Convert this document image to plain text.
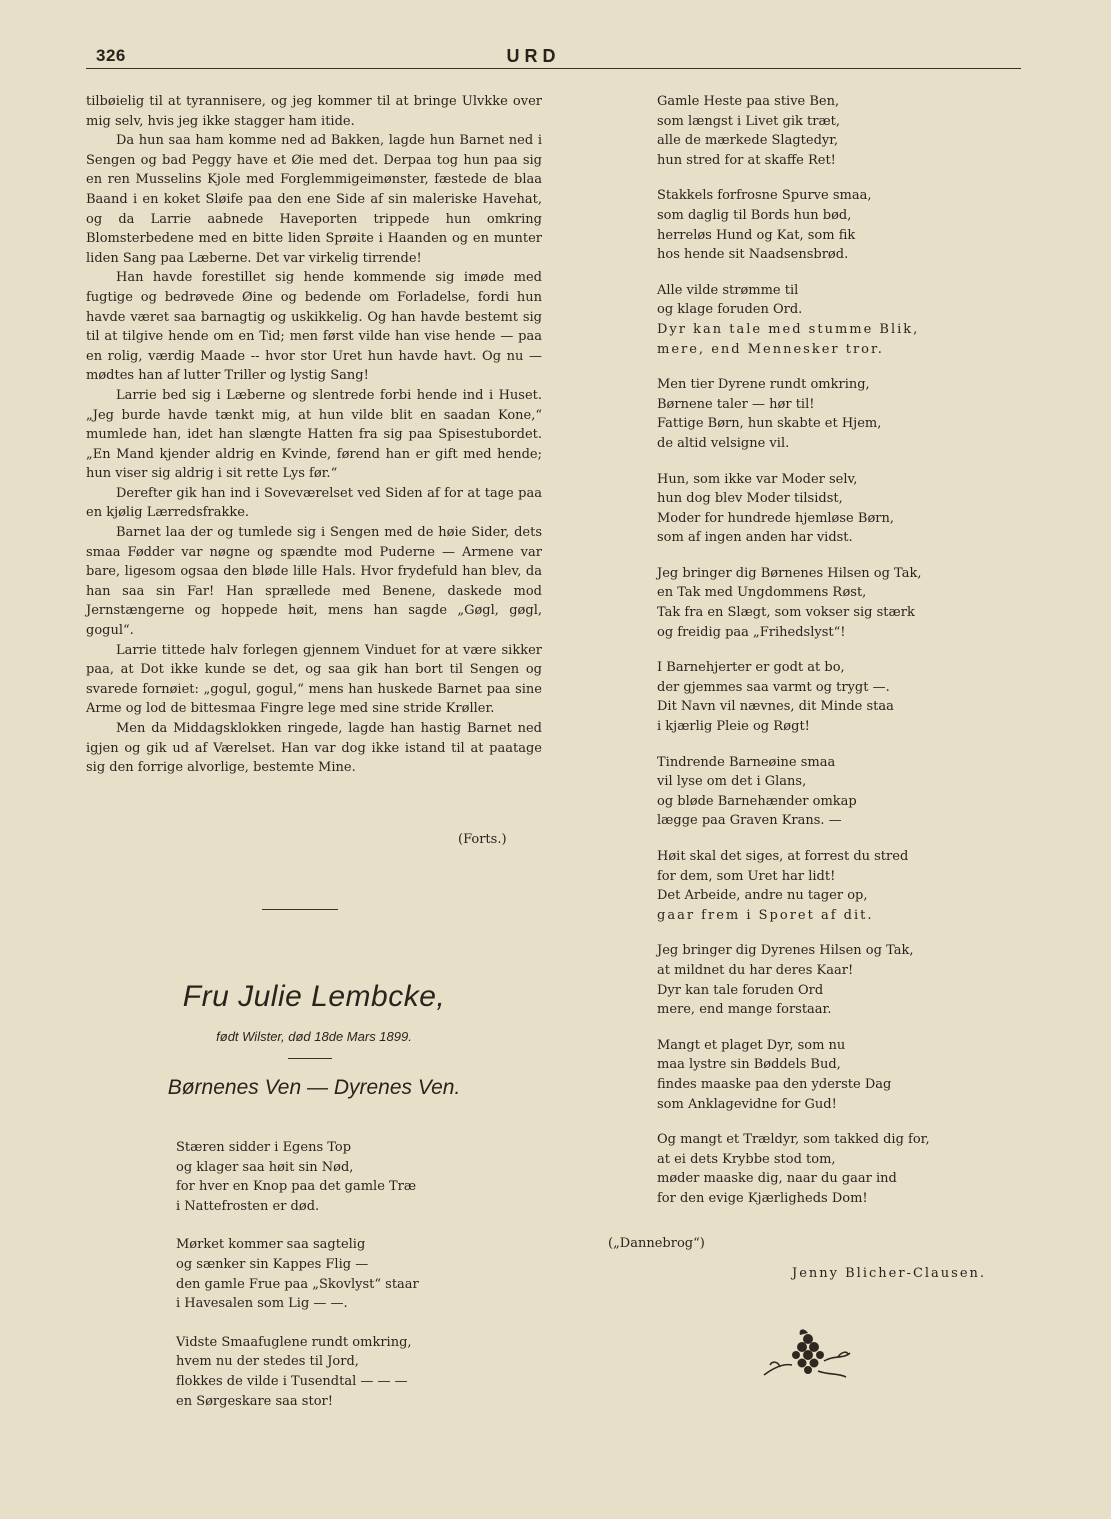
326	URD

tilbøielig til at tyrannisere, og jeg kommer til at bringe Ulvkke over mig selv, hvis jeg ikke stagger ham itide.

Da hun saa ham komme ned ad Bakken, lagde hun Barnet ned i Sengen og bad Peggy have et Øie med det. Derpaa tog hun paa sig en ren Musselins Kjole med Forglemmigeimønster, fæstede de blaa Baand i en koket Sløife paa den ene Side af sin maleriske Havehat, og da Larrie aabnede Haveporten trippede hun omkring Blomsterbedene med en bitte liden Sprøite i Haanden og en munter liden Sang paa Læberne. Det var virkelig tirrende!

Han havde forestillet sig hende kommende sig imøde med fugtige og bedrøvede Øine og bedende om Forladelse, fordi hun havde været saa barnagtig og uskikkelig. Og han havde bestemt sig til at tilgive hende om en Tid; men først vilde han vise hende — paa en rolig, værdig Maade -- hvor stor Uret hun havde havt. Og nu — mødtes han af lutter Triller og lystig Sang!

Larrie bed sig i Læberne og slentrede forbi hende ind i Huset. „Jeg burde havde tænkt mig, at hun vilde blit en saadan Kone,“ mumlede han, idet han slængte Hatten fra sig paa Spisestubordet. „En Mand kjender aldrig en Kvinde, førend han er gift med hende; hun viser sig aldrig i sit rette Lys før.“

Derefter gik han ind i Soveværelset ved Siden af for at tage paa en kjølig Lærredsfrakke.

Barnet laa der og tumlede sig i Sengen med de høie Sider, dets smaa Fødder var nøgne og spændte mod Puderne — Armene var bare, ligesom ogsaa den bløde lille Hals. Hvor frydefuld han blev, da han saa sin Far! Han sprællede med Benene, daskede mod Jernstængerne og hoppede høit, mens han sagde „Gøgl, gøgl, gogul“.

Larrie tittede halv forlegen gjennem Vinduet for at være sikker paa, at Dot ikke kunde se det, og saa gik han bort til Sengen og svarede fornøiet: „gogul, gogul,“ mens han huskede Barnet paa sine Arme og lod de bittesmaa Fingre lege med sine stride Krøller.

Men da Middagsklokken ringede, lagde han hastig Barnet ned igjen og gik ud af Værelset. Han var dog ikke istand til at paatage sig den forrige alvorlige, bestemte Mine.

(Forts.)
Fru Julie Lembcke,
født Wilster, død 18de Mars 1899.
Børnenes Ven — Dyrenes Ven.
Stæren sidder i Egens Top
og klager saa høit sin Nød,
for hver en Knop paa det gamle Træ
i Nattefrosten er død.
Mørket kommer saa sagtelig
og sænker sin Kappes Flig —
den gamle Frue paa „Skovlyst“ staar
i Havesalen som Lig — —.
Vidste Smaafuglene rundt omkring,
hvem nu der stedes til Jord,
flokkes de vilde i Tusendtal — — —
en Sørgeskare saa stor!
Gamle Heste paa stive Ben,
som længst i Livet gik træt,
alle de mærkede Slagtedyr,
hun stred for at skaffe Ret!
Stakkels forfrosne Spurve smaa,
som daglig til Bords hun bød,
herreløs Hund og Kat, som fik
hos hende sit Naadsensbrød.
Alle vilde strømme til
og klage foruden Ord.
Dyr kan tale med stumme Blik,
mere, end Mennesker tror.
Men tier Dyrene rundt omkring,
Børnene taler — hør til!
Fattige Børn, hun skabte et Hjem,
de altid velsigne vil.
Hun, som ikke var Moder selv,
hun dog blev Moder tilsidst,
Moder for hundrede hjemløse Børn,
som af ingen anden har vidst.
Jeg bringer dig Børnenes Hilsen og Tak,
en Tak med Ungdommens Røst,
Tak fra en Slægt, som vokser sig stærk
og freidig paa „Frihedslyst“!
I Barnehjerter er godt at bo,
der gjemmes saa varmt og trygt —.
Dit Navn vil nævnes, dit Minde staa
i kjærlig Pleie og Røgt!
Tindrende Barneøine smaa
vil lyse om det i Glans,
og bløde Barnehænder omkap
lægge paa Graven Krans. —
Høit skal det siges, at forrest du stred
for dem, som Uret har lidt!
Det Arbeide, andre nu tager op,
gaar frem i Sporet af dit.
Jeg bringer dig Dyrenes Hilsen og Tak,
at mildnet du har deres Kaar!
Dyr kan tale foruden Ord
mere, end mange forstaar.
Mangt et plaget Dyr, som nu
maa lystre sin Bøddels Bud,
findes maaske paa den yderste Dag
som Anklagevidne for Gud!
Og mangt et Trældyr, som takked dig for,
at ei dets Krybbe stod tom,
møder maaske dig, naar du gaar ind
for den evige Kjærligheds Dom!
(„Dannebrog“)
Jenny Blicher-Clausen.
